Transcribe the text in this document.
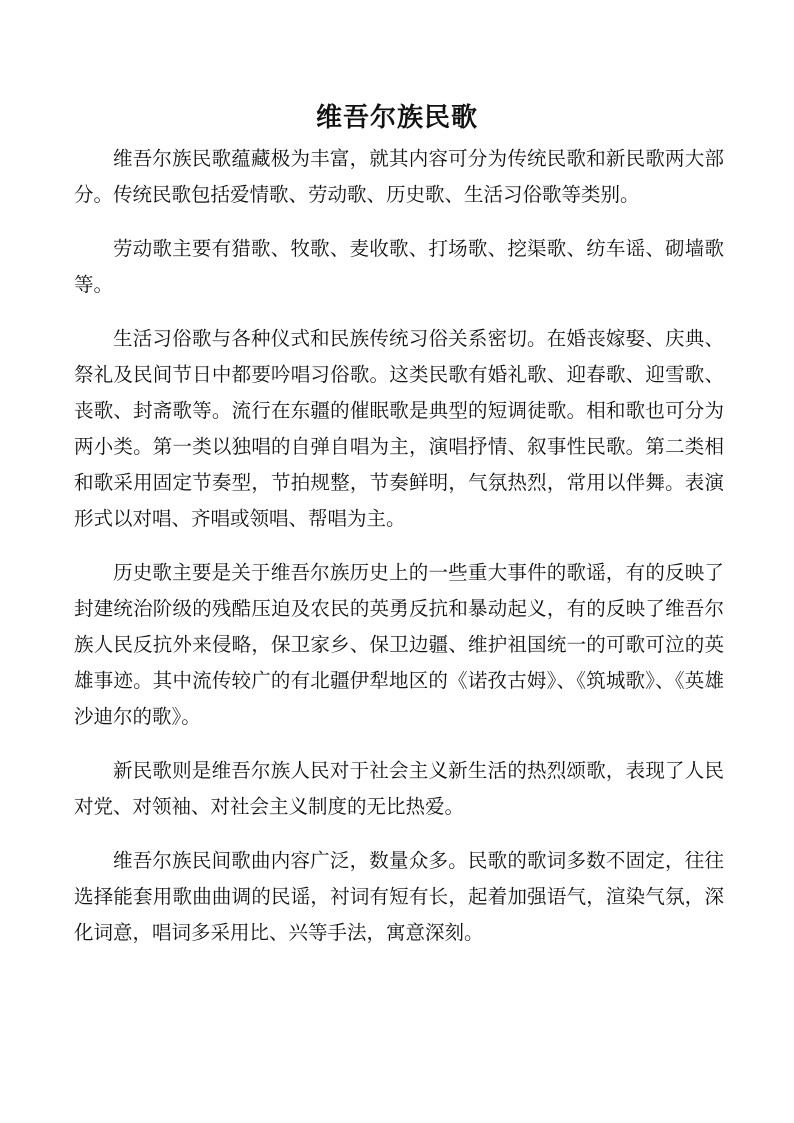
维吾尔族民歌

维吾尔族民歌蕴藏极为丰富，就其内容可分为传统民歌和新民歌两大部分。传统民歌包括爱情歌、劳动歌、历史歌、生活习俗歌等类别。

劳动歌主要有猎歌、牧歌、麦收歌、打场歌、挖渠歌、纺车谣、砌墙歌等。

生活习俗歌与各种仪式和民族传统习俗关系密切。在婚丧嫁娶、庆典、祭礼及民间节日中都要吟唱习俗歌。这类民歌有婚礼歌、迎春歌、迎雪歌、丧歌、封斋歌等。流行在东疆的催眠歌是典型的短调徒歌。相和歌也可分为两小类。第一类以独唱的自弹自唱为主，演唱抒情、叙事性民歌。第二类相和歌采用固定节奏型，节拍规整，节奏鲜明，气氛热烈，常用以伴舞。表演形式以对唱、齐唱或领唱、帮唱为主。

历史歌主要是关于维吾尔族历史上的一些重大事件的歌谣，有的反映了封建统治阶级的残酷压迫及农民的英勇反抗和暴动起义，有的反映了维吾尔族人民反抗外来侵略，保卫家乡、保卫边疆、维护祖国统一的可歌可泣的英雄事迹。其中流传较广的有北疆伊犁地区的《诺孜古姆》、《筑城歌》、《英雄沙迪尔的歌》。

新民歌则是维吾尔族人民对于社会主义新生活的热烈颂歌，表现了人民对党、对领袖、对社会主义制度的无比热爱。

维吾尔族民间歌曲内容广泛，数量众多。民歌的歌词多数不固定，往往选择能套用歌曲曲调的民谣，衬词有短有长，起着加强语气，渲染气氛，深化词意，唱词多采用比、兴等手法，寓意深刻。
